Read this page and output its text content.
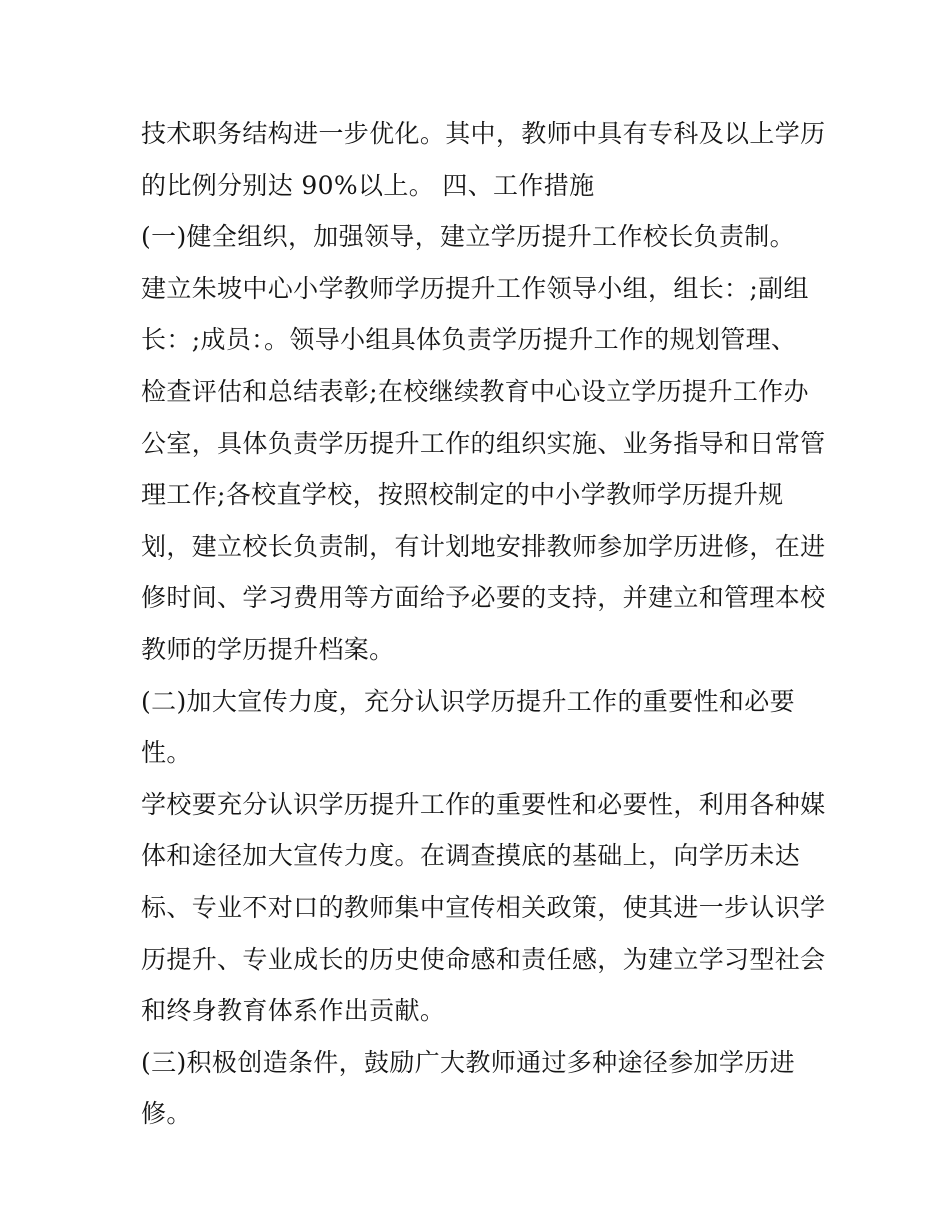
技术职务结构进一步优化。其中，教师中具有专科及以上学历
的比例分别达 90%以上。 四、工作措施
(一)健全组织，加强领导，建立学历提升工作校长负责制。
建立朱坡中心小学教师学历提升工作领导小组，组长：;副组
长：;成员：。领导小组具体负责学历提升工作的规划管理、
检查评估和总结表彰;在校继续教育中心设立学历提升工作办
公室，具体负责学历提升工作的组织实施、业务指导和日常管
理工作;各校直学校，按照校制定的中小学教师学历提升规
划，建立校长负责制，有计划地安排教师参加学历进修，在进
修时间、学习费用等方面给予必要的支持，并建立和管理本校
教师的学历提升档案。
(二)加大宣传力度，充分认识学历提升工作的重要性和必要
性。
学校要充分认识学历提升工作的重要性和必要性，利用各种媒
体和途径加大宣传力度。在调查摸底的基础上，向学历未达
标、专业不对口的教师集中宣传相关政策，使其进一步认识学
历提升、专业成长的历史使命感和责任感，为建立学习型社会
和终身教育体系作出贡献。
(三)积极创造条件，鼓励广大教师通过多种途径参加学历进
修。
